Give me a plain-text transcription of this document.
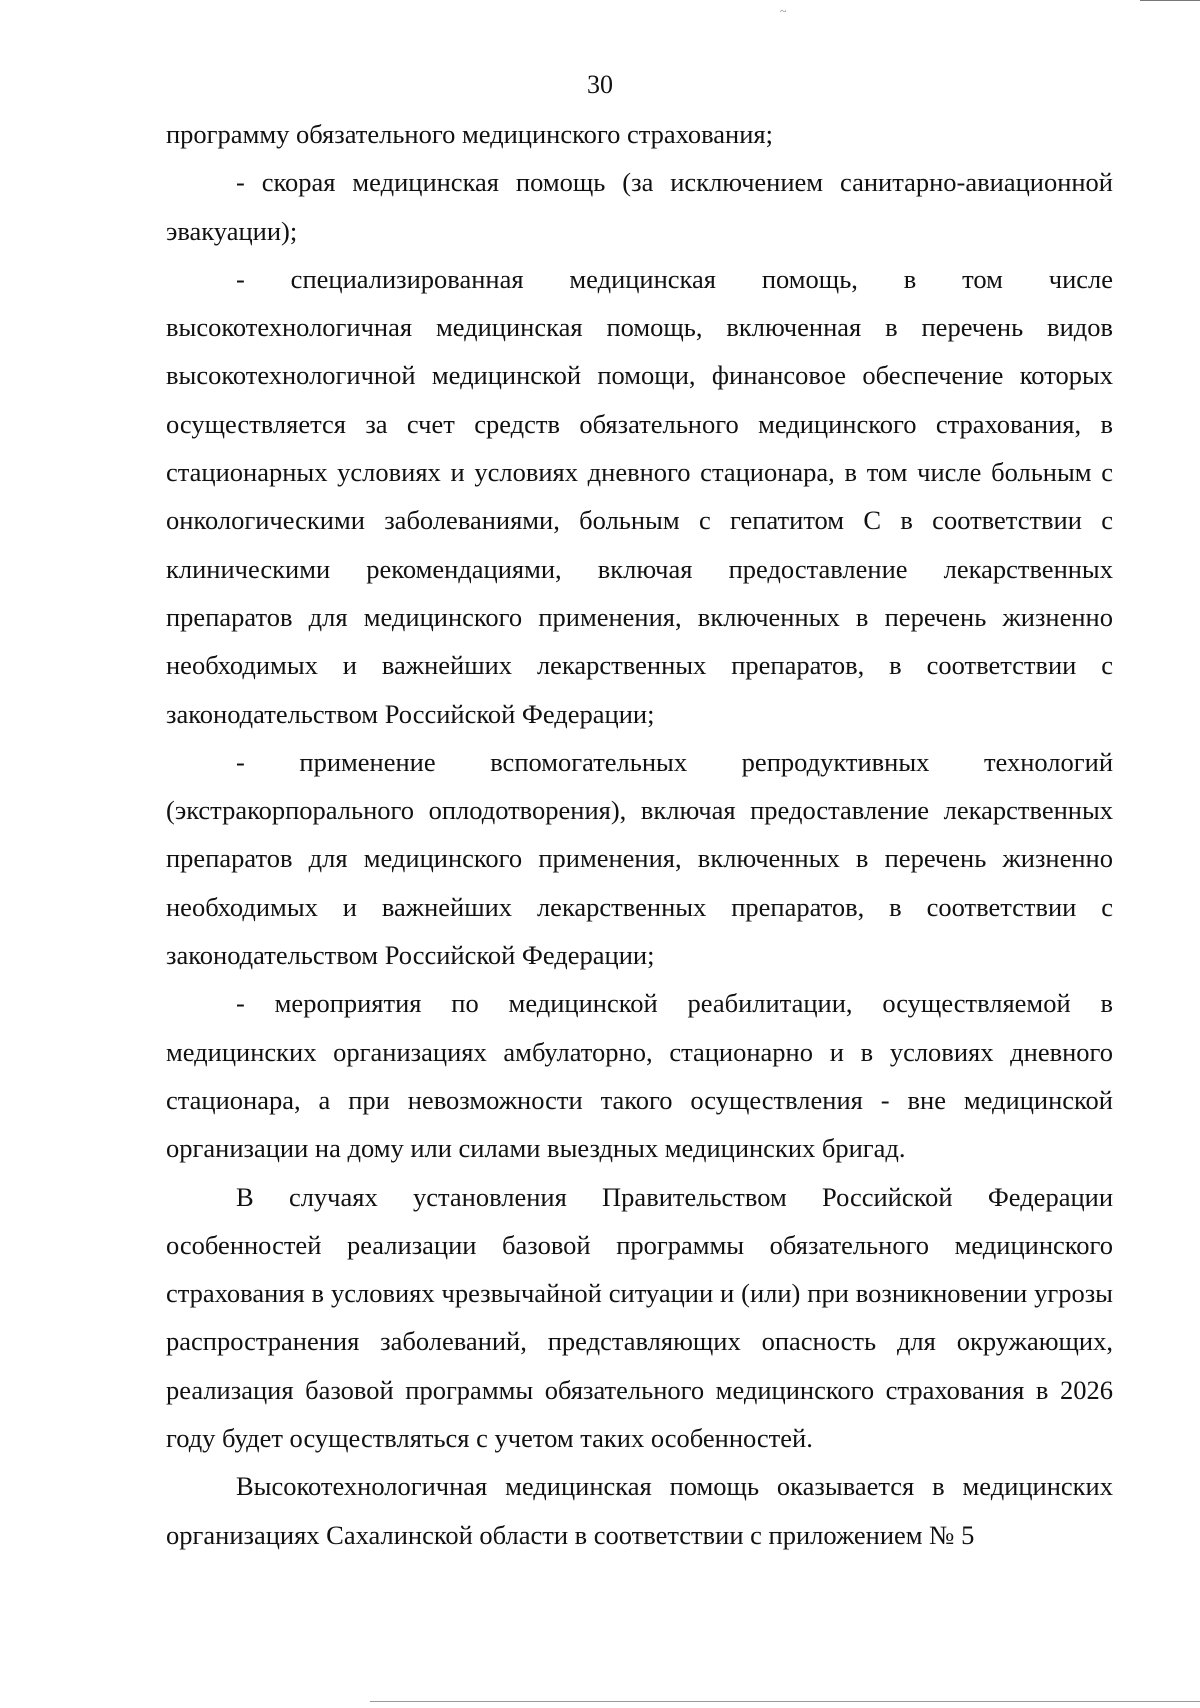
~
30

программу обязательного медицинского страхования;

- скорая медицинская помощь (за исключением санитарно-авиационной эвакуации);

- специализированная медицинская помощь, в том числе высокотехнологичная медицинская помощь, включенная в перечень видов высокотехнологичной медицинской помощи, финансовое обеспечение которых осуществляется за счет средств обязательного медицинского страхования, в стационарных условиях и условиях дневного стационара, в том числе больным с онкологическими заболеваниями, больным с гепатитом С в соответствии с клиническими рекомендациями, включая предоставление лекарственных препаратов для медицинского применения, включенных в перечень жизненно необходимых и важнейших лекарственных препаратов, в соответствии с законодательством Российской Федерации;

- применение вспомогательных репродуктивных технологий (экстракорпорального оплодотворения), включая предоставление лекарственных препаратов для медицинского применения, включенных в перечень жизненно необходимых и важнейших лекарственных препаратов, в соответствии с законодательством Российской Федерации;

- мероприятия по медицинской реабилитации, осуществляемой в медицинских организациях амбулаторно, стационарно и в условиях дневного стационара, а при невозможности такого осуществления - вне медицинской организации на дому или силами выездных медицинских бригад.

В случаях установления Правительством Российской Федерации особенностей реализации базовой программы обязательного медицинского страхования в условиях чрезвычайной ситуации и (или) при возникновении угрозы распространения заболеваний, представляющих опасность для окружающих, реализация базовой программы обязательного медицинского страхования в 2026 году будет осуществляться с учетом таких особенностей.

Высокотехнологичная медицинская помощь оказывается в медицинских организациях Сахалинской области в соответствии с приложением № 5
